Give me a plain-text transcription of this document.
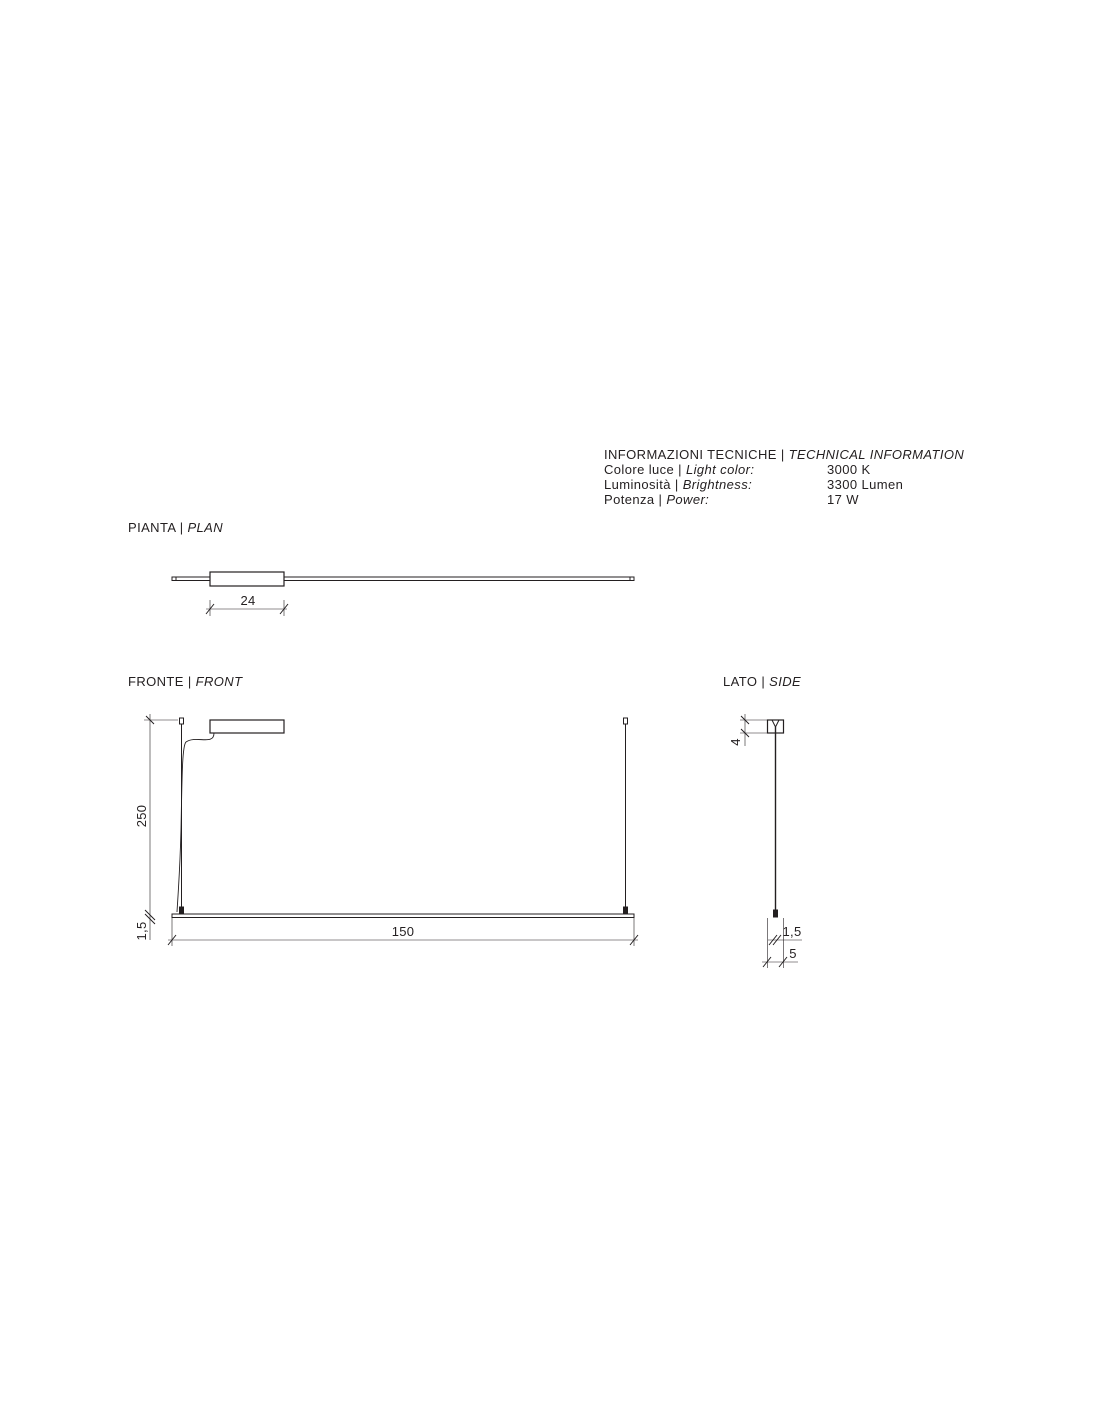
INFORMAZIONI TECNICHE | TECHNICAL INFORMATION
Colore luce | Light color:	3000 K
Luminosità | Brightness:	3300 Lumen
Potenza | Power:	17 W
PIANTA | PLAN
FRONTE | FRONT	LATO | SIDE
24
250
1,5	150
4
1,5
5
